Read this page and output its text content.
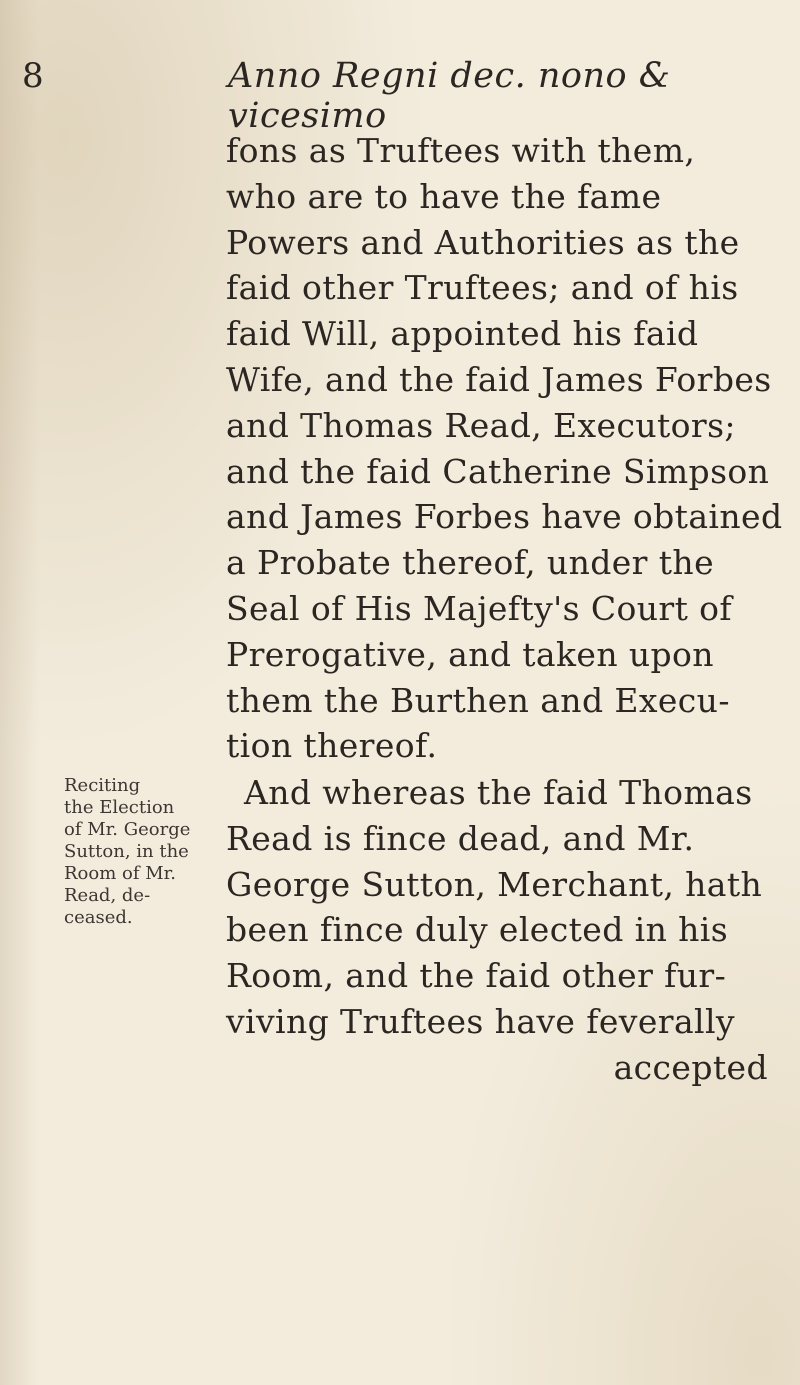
8	Anno Regni dec. nono & vicesimo
fons as Truftees with them,
who are to have the fame
Powers and Authorities as the
faid other Truftees; and of his
faid Will, appointed his faid
Wife, and the faid James Forbes
and Thomas Read, Executors;
and the faid Catherine Simpson
and James Forbes have obtained
a Probate thereof, under the
Seal of His Majefty's Court of
Prerogative, and taken upon
them the Burthen and Execu-
tion thereof.
Reciting
the Election
of Mr. George
Sutton, in the
Room of Mr.
Read, de-
ceased.
And whereas the faid Thomas
Read is fince dead, and Mr.
George Sutton, Merchant, hath
been fince duly elected in his
Room, and the faid other fur-
viving Truftees have feverally
accepted
